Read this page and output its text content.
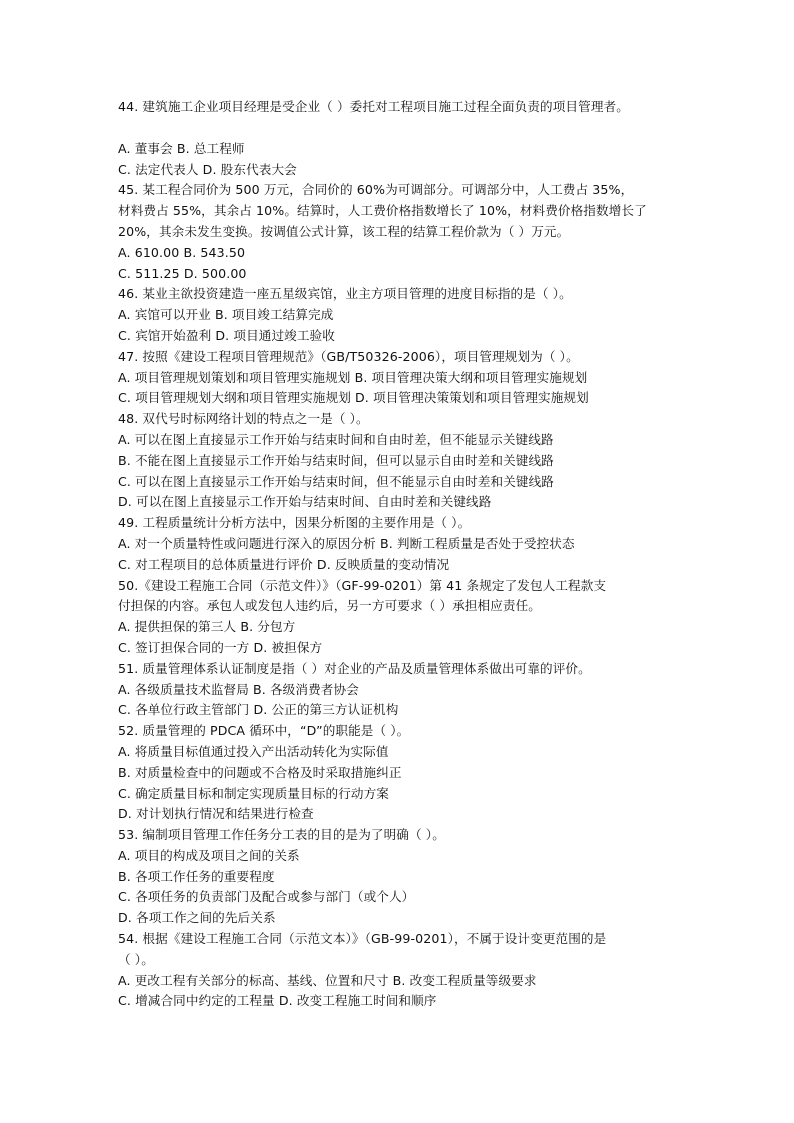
44. 建筑施工企业项目经理是受企业（ ）委托对工程项目施工过程全面负责的项目管理者。
A. 董事会 B. 总工程师
C. 法定代表人 D. 股东代表大会
45. 某工程合同价为 500 万元，合同价的 60%为可调部分。可调部分中，人工费占 35%，
材料费占 55%，其余占 10%。结算时，人工费价格指数增长了 10%，材料费价格指数增长了
20%，其余未发生变换。按调值公式计算，该工程的结算工程价款为（ ）万元。
A. 610.00 B. 543.50
C. 511.25 D. 500.00
46. 某业主欲投资建造一座五星级宾馆，业主方项目管理的进度目标指的是（ ）。
A. 宾馆可以开业 B. 项目竣工结算完成
C. 宾馆开始盈利 D. 项目通过竣工验收
47. 按照《建设工程项目管理规范》（GB/T50326-2006），项目管理规划为（ ）。
A. 项目管理规划策划和项目管理实施规划 B. 项目管理决策大纲和项目管理实施规划
C. 项目管理规划大纲和项目管理实施规划 D. 项目管理决策策划和项目管理实施规划
48. 双代号时标网络计划的特点之一是（ ）。
A. 可以在图上直接显示工作开始与结束时间和自由时差，但不能显示关键线路
B. 不能在图上直接显示工作开始与结束时间，但可以显示自由时差和关键线路
C. 可以在图上直接显示工作开始与结束时间，但不能显示自由时差和关键线路
D. 可以在图上直接显示工作开始与结束时间、自由时差和关键线路
49. 工程质量统计分析方法中，因果分析图的主要作用是（ ）。
A. 对一个质量特性或问题进行深入的原因分析 B. 判断工程质量是否处于受控状态
C. 对工程项目的总体质量进行评价 D. 反映质量的变动情况
50.《建设工程施工合同（示范文件）》（GF-99-0201）第 41 条规定了发包人工程款支
付担保的内容。承包人或发包人违约后，另一方可要求（ ）承担相应责任。
A. 提供担保的第三人 B. 分包方
C. 签订担保合同的一方 D. 被担保方
51. 质量管理体系认证制度是指（ ）对企业的产品及质量管理体系做出可靠的评价。
A. 各级质量技术监督局 B. 各级消费者协会
C. 各单位行政主管部门 D. 公正的第三方认证机构
52. 质量管理的 PDCA 循环中，“D”的职能是（ ）。
A. 将质量目标值通过投入产出活动转化为实际值
B. 对质量检查中的问题或不合格及时采取措施纠正
C. 确定质量目标和制定实现质量目标的行动方案
D. 对计划执行情况和结果进行检查
53. 编制项目管理工作任务分工表的目的是为了明确（ ）。
A. 项目的构成及项目之间的关系
B. 各项工作任务的重要程度
C. 各项任务的负责部门及配合或参与部门（或个人）
D. 各项工作之间的先后关系
54. 根据《建设工程施工合同（示范文本）》（GB-99-0201），不属于设计变更范围的是
（ ）。
A. 更改工程有关部分的标高、基线、位置和尺寸 B. 改变工程质量等级要求
C. 增减合同中约定的工程量 D. 改变工程施工时间和顺序
